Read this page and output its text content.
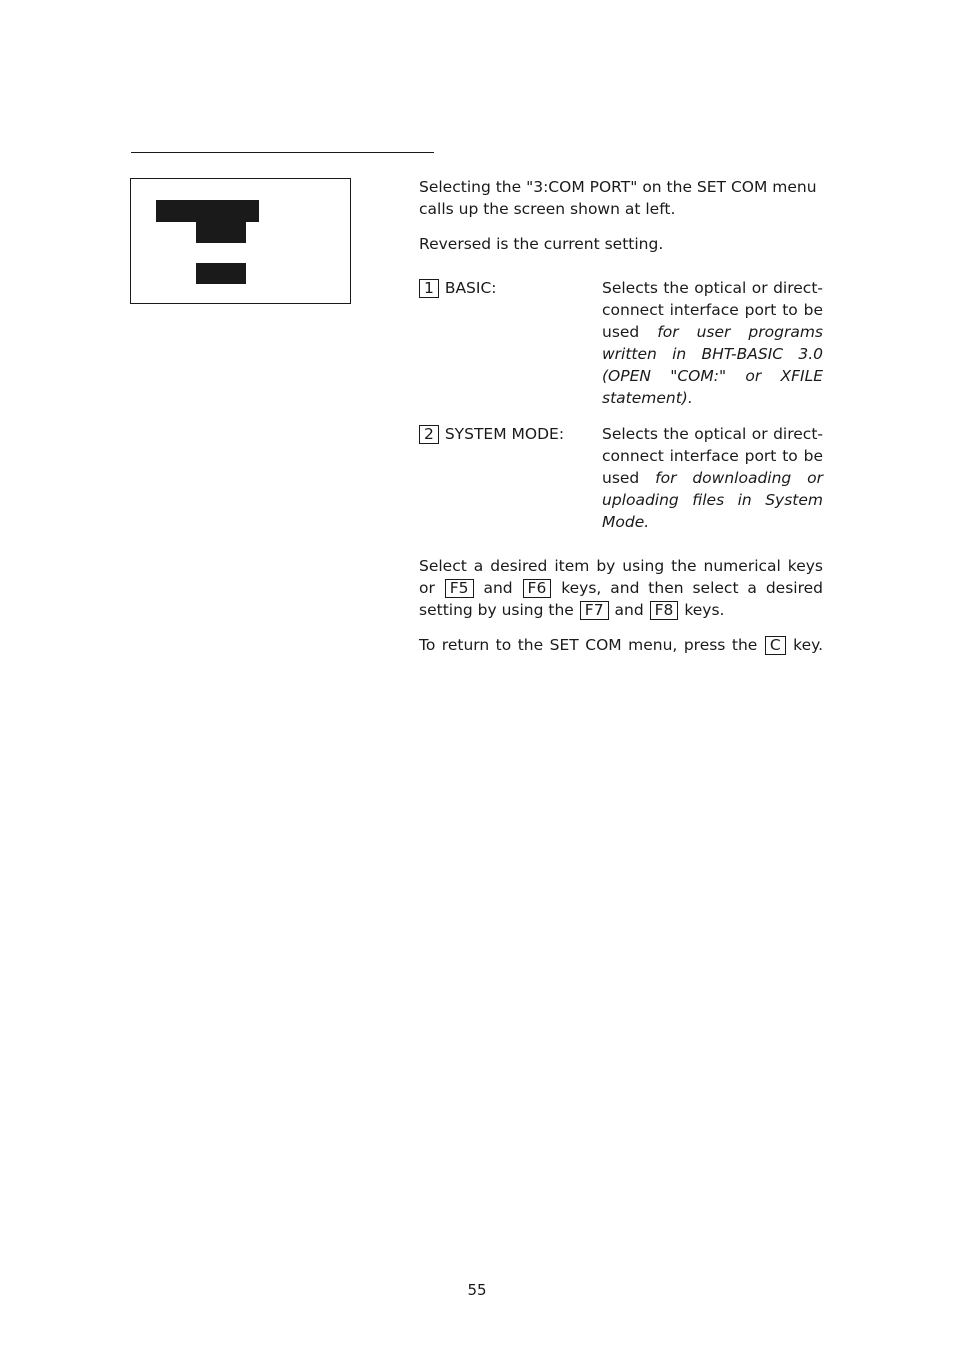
Selecting the "3:COM PORT" on the SET COM menu
calls up the screen shown at left.

Reversed is the current setting.

1 BASIC:	Selects the optical or direct-
connect interface port to be
used for user programs
written in BHT-BASIC 3.0
(OPEN "COM:" or XFILE
statement).
2 SYSTEM MODE: Selects the optical or direct-
connect interface port to be
used for downloading or
uploading files in System
Mode.
Select a desired item by using the numerical keys
or F5 and F6 keys, and then select a desired
setting by using the F7 and F8 keys.
To return to the SET COM menu, press the C key.
55
